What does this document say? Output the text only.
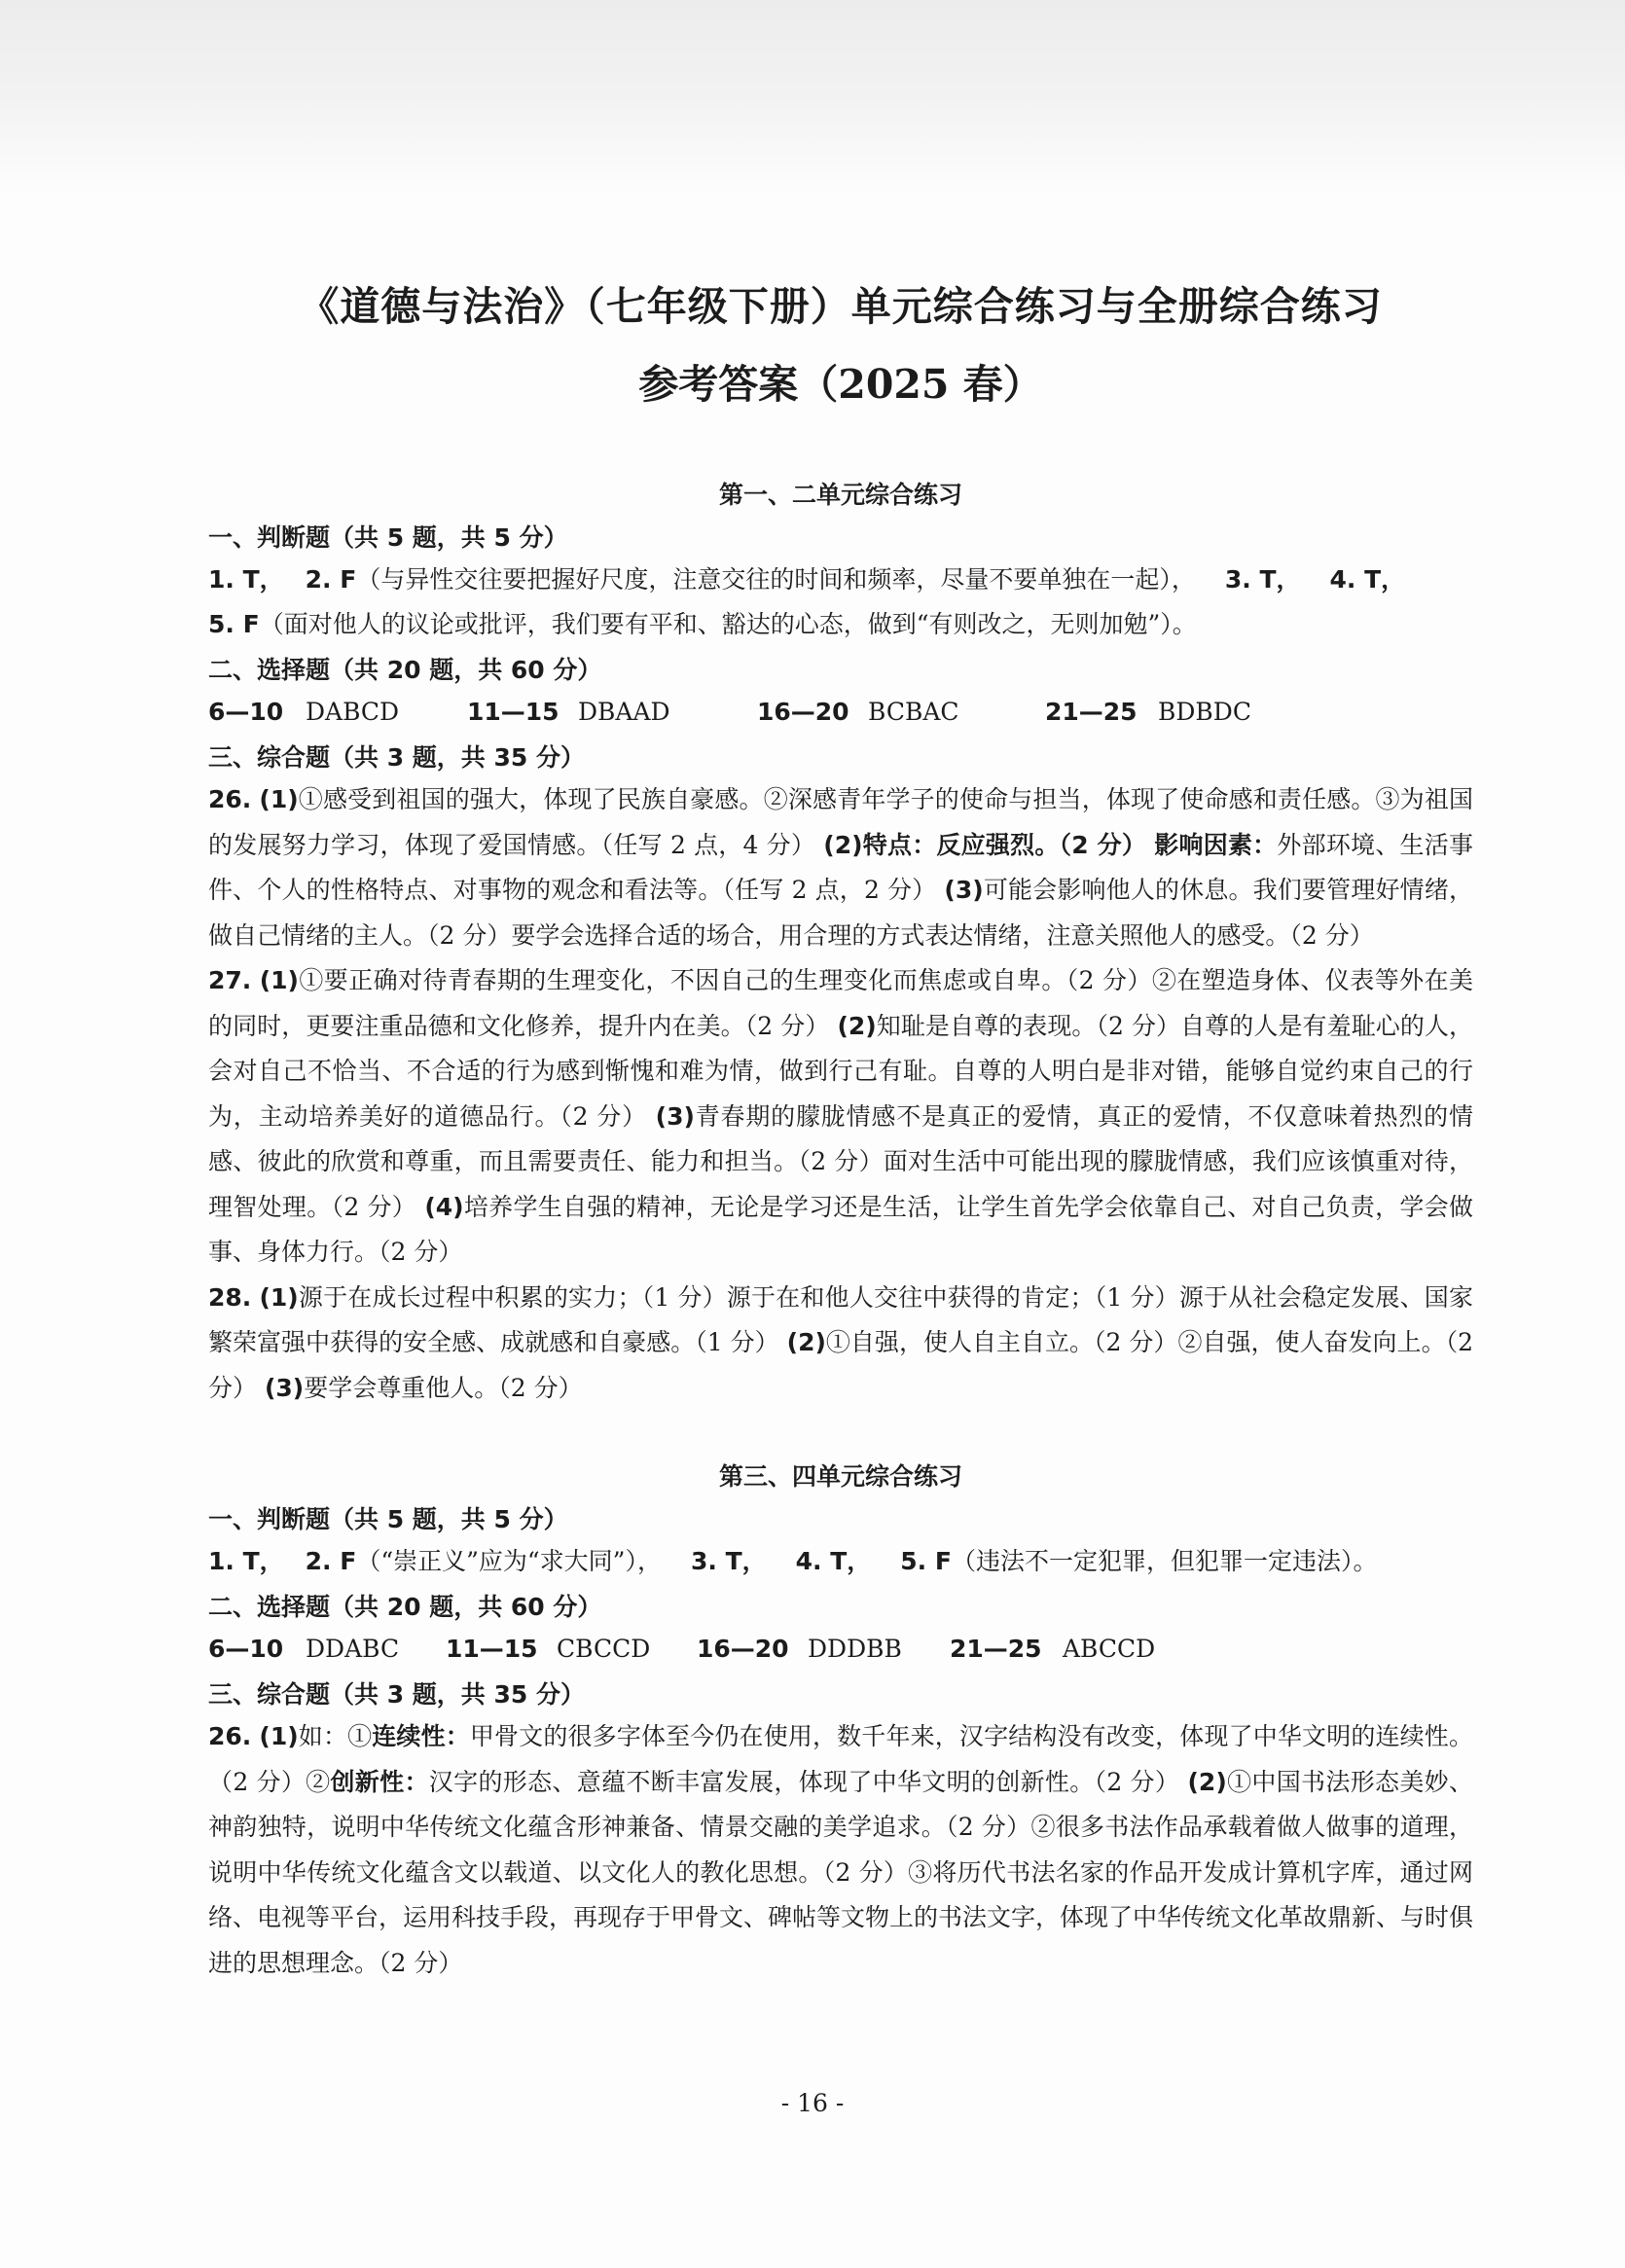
《道德与法治》（七年级下册）单元综合练习与全册综合练习
参考答案（2025 春）
第一、二单元综合练习
一、判断题（共 5 题，共 5 分）
1. T， 2. F（与异性交往要把握好尺度，注意交往的时间和频率，尽量不要单独在一起）， 3. T， 4. T，
5. F（面对他人的议论或批评，我们要有平和、豁达的心态，做到“有则改之，无则加勉”）。
二、选择题（共 20 题，共 60 分）
6—10 DABCD	11—15 DBAAD	16—20 BCBAC	21—25 BDBDC
三、综合题（共 3 题，共 35 分）

26. (1)①感受到祖国的强大，体现了民族自豪感。②深感青年学子的使命与担当，体现了使命感和责任感。③为祖国的发展努力学习，体现了爱国情感。（任写 2 点，4 分） (2)特点：反应强烈。（2 分） 影响因素：外部环境、生活事件、个人的性格特点、对事物的观念和看法等。（任写 2 点，2 分） (3)可能会影响他人的休息。我们要管理好情绪，做自己情绪的主人。（2 分）要学会选择合适的场合，用合理的方式表达情绪，注意关照他人的感受。（2 分）

27. (1)①要正确对待青春期的生理变化，不因自己的生理变化而焦虑或自卑。（2 分）②在塑造身体、仪表等外在美的同时，更要注重品德和文化修养，提升内在美。（2 分） (2)知耻是自尊的表现。（2 分）自尊的人是有羞耻心的人，会对自己不恰当、不合适的行为感到惭愧和难为情，做到行己有耻。自尊的人明白是非对错，能够自觉约束自己的行为，主动培养美好的道德品行。（2 分） (3)青春期的朦胧情感不是真正的爱情，真正的爱情，不仅意味着热烈的情感、彼此的欣赏和尊重，而且需要责任、能力和担当。（2 分）面对生活中可能出现的朦胧情感，我们应该慎重对待，理智处理。（2 分） (4)培养学生自强的精神，无论是学习还是生活，让学生首先学会依靠自己、对自己负责，学会做事、身体力行。（2 分）

28. (1)源于在成长过程中积累的实力；（1 分）源于在和他人交往中获得的肯定；（1 分）源于从社会稳定发展、国家繁荣富强中获得的安全感、成就感和自豪感。（1 分） (2)①自强，使人自主自立。（2 分）②自强，使人奋发向上。（2 分） (3)要学会尊重他人。（2 分）

第三、四单元综合练习
一、判断题（共 5 题，共 5 分）
1. T， 2. F（“崇正义”应为“求大同”）， 3. T， 4. T， 5. F（违法不一定犯罪，但犯罪一定违法）。
二、选择题（共 20 题，共 60 分）
6—10 DDABC	11—15 CBCCD	16—20 DDDBB	21—25 ABCCD
三、综合题（共 3 题，共 35 分）

26. (1)如：①连续性：甲骨文的很多字体至今仍在使用，数千年来，汉字结构没有改变，体现了中华文明的连续性。（2 分）②创新性：汉字的形态、意蕴不断丰富发展，体现了中华文明的创新性。（2 分） (2)①中国书法形态美妙、神韵独特，说明中华传统文化蕴含形神兼备、情景交融的美学追求。（2 分）②很多书法作品承载着做人做事的道理，说明中华传统文化蕴含文以载道、以文化人的教化思想。（2 分）③将历代书法名家的作品开发成计算机字库，通过网络、电视等平台，运用科技手段，再现存于甲骨文、碑帖等文物上的书法文字，体现了中华传统文化革故鼎新、与时俱进的思想理念。（2 分）

- 16 -
